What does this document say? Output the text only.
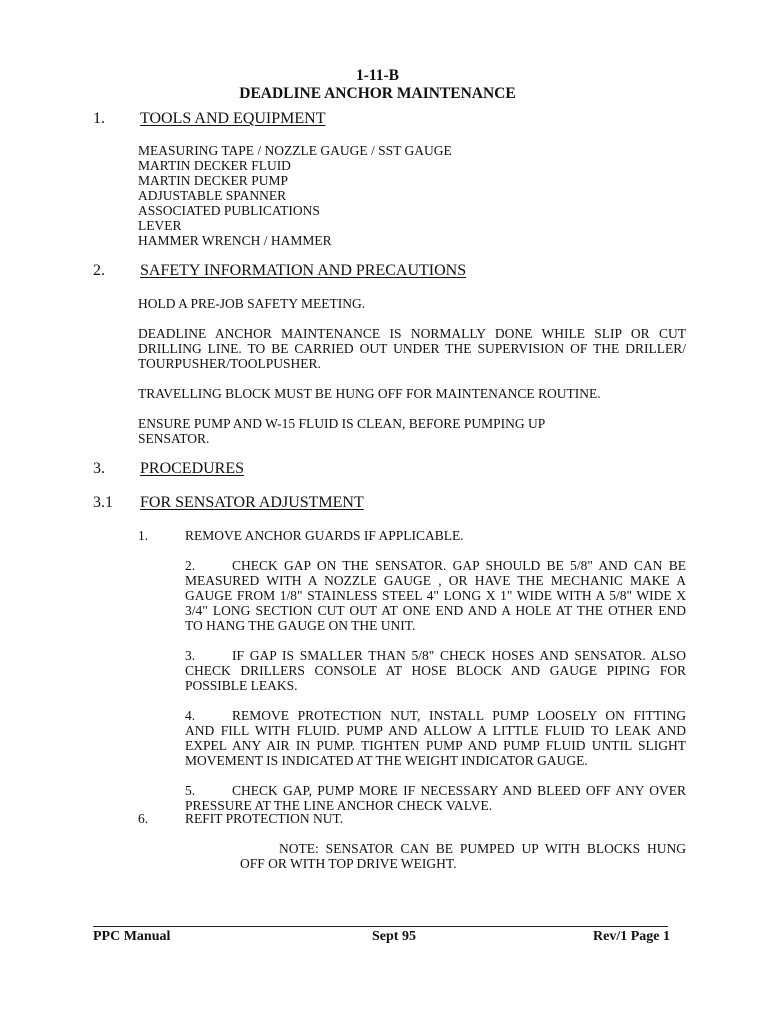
1-11-B
DEADLINE ANCHOR MAINTENANCE
1. TOOLS AND EQUIPMENT
MEASURING TAPE / NOZZLE GAUGE / SST GAUGE
MARTIN DECKER FLUID
MARTIN DECKER PUMP
ADJUSTABLE SPANNER
ASSOCIATED PUBLICATIONS
LEVER
HAMMER WRENCH / HAMMER
2. SAFETY INFORMATION AND PRECAUTIONS
HOLD A PRE-JOB SAFETY MEETING.
DEADLINE ANCHOR MAINTENANCE IS NORMALLY DONE WHILE SLIP OR CUT
DRILLING LINE. TO BE CARRIED OUT UNDER THE SUPERVISION OF THE DRILLER/
TOURPUSHER/TOOLPUSHER.
TRAVELLING BLOCK MUST BE HUNG OFF FOR MAINTENANCE ROUTINE.
ENSURE PUMP AND W-15 FLUID IS CLEAN, BEFORE PUMPING UP
SENSATOR.
3. PROCEDURES
3.1 FOR SENSATOR ADJUSTMENT
1.	REMOVE ANCHOR GUARDS IF APPLICABLE.
2.	CHECK GAP ON THE SENSATOR. GAP SHOULD BE 5/8" AND CAN BE
MEASURED WITH A NOZZLE GAUGE , OR HAVE THE MECHANIC MAKE A
GAUGE FROM 1/8" STAINLESS STEEL 4" LONG X 1" WIDE WITH A 5/8" WIDE X
3/4" LONG SECTION CUT OUT AT ONE END AND A HOLE AT THE OTHER END
TO HANG THE GAUGE ON THE UNIT.
3.	IF GAP IS SMALLER THAN 5/8" CHECK HOSES AND SENSATOR. ALSO
CHECK DRILLERS CONSOLE AT HOSE BLOCK AND GAUGE PIPING FOR
POSSIBLE LEAKS.
4.	REMOVE PROTECTION NUT, INSTALL PUMP LOOSELY ON FITTING
AND FILL WITH FLUID. PUMP AND ALLOW A LITTLE FLUID TO LEAK AND
EXPEL ANY AIR IN PUMP. TIGHTEN PUMP AND PUMP FLUID UNTIL SLIGHT
MOVEMENT IS INDICATED AT THE WEIGHT INDICATOR GAUGE.
5.	CHECK GAP, PUMP MORE IF NECESSARY AND BLEED OFF ANY OVER
PRESSURE AT THE LINE ANCHOR CHECK VALVE.
6.	REFIT PROTECTION NUT.
NOTE: SENSATOR CAN BE PUMPED UP WITH BLOCKS HUNG
OFF OR WITH TOP DRIVE WEIGHT.
PPC Manual	Sept 95	Rev/1 Page 1
